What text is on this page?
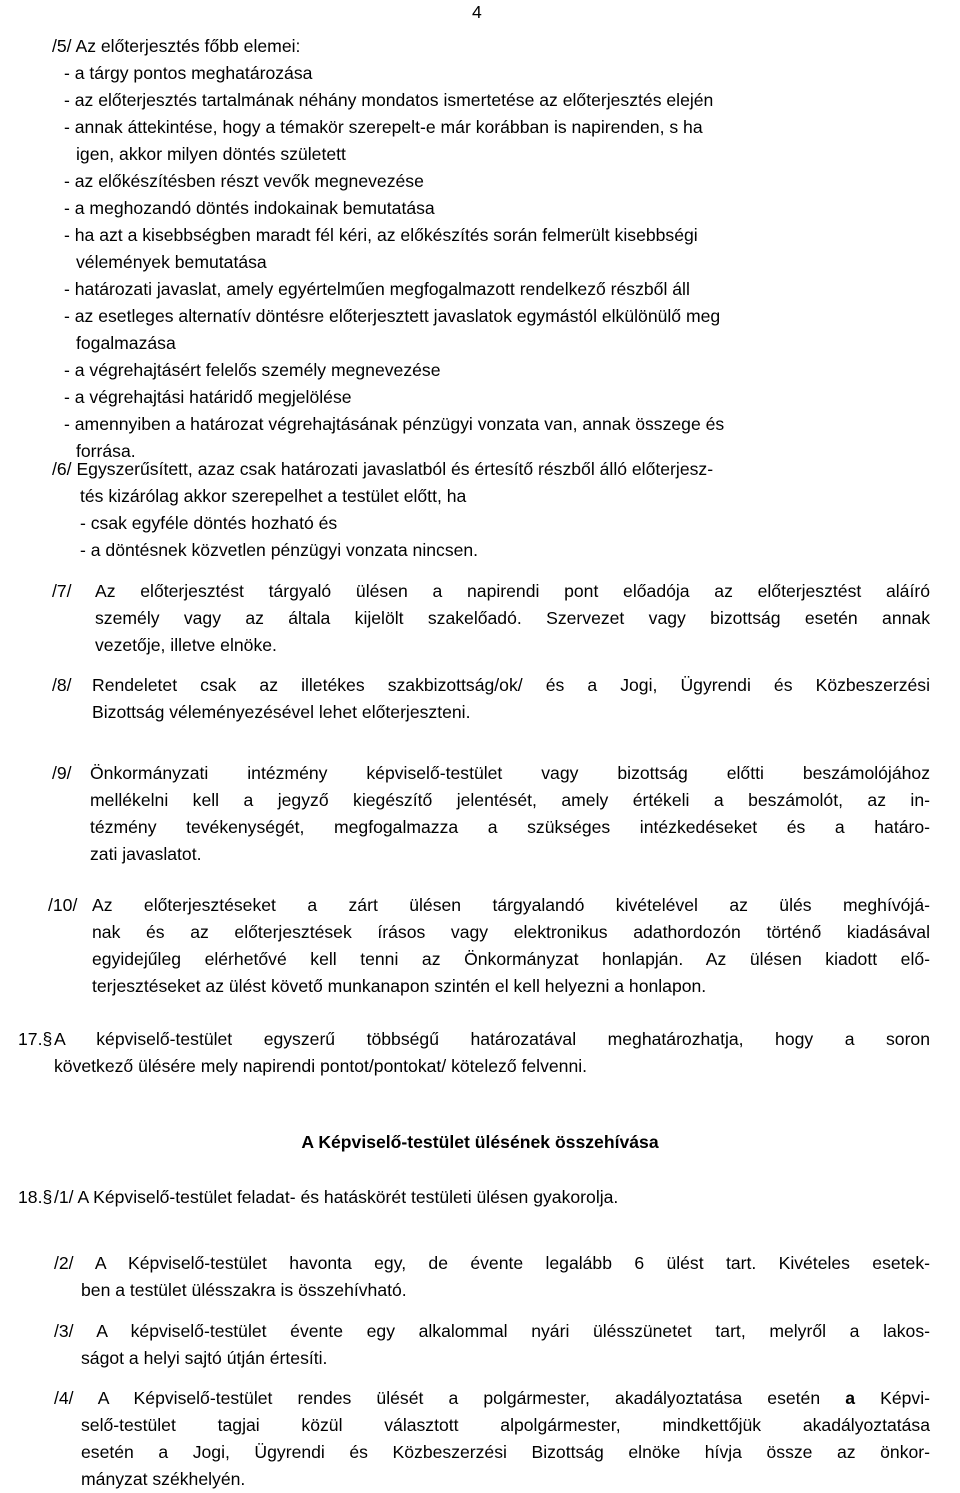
4
/5/ Az előterjesztés főbb elemei:
- a tárgy pontos meghatározása
- az előterjesztés tartalmának néhány mondatos ismertetése az előterjesztés elején
- annak áttekintése, hogy a témakör szerepelt-e már korábban is napirenden, s ha
igen, akkor milyen döntés született
- az előkészítésben részt vevők megnevezése
- a meghozandó döntés indokainak bemutatása
- ha azt a kisebbségben maradt fél kéri, az előkészítés során felmerült kisebbségi
vélemények bemutatása
- határozati javaslat, amely egyértelműen megfogalmazott rendelkező részből áll
- az esetleges alternatív döntésre előterjesztett javaslatok egymástól elkülönülő meg
fogalmazása
- a végrehajtásért felelős személy megnevezése
- a végrehajtási határidő megjelölése
- amennyiben a határozat végrehajtásának pénzügyi vonzata van, annak összege és
forrása.
/6/ Egyszerűsített, azaz csak határozati javaslatból és értesítő részből álló előterjesz-
tés kizárólag akkor szerepelhet a testület előtt, ha
- csak egyféle döntés hozható és
- a döntésnek közvetlen pénzügyi vonzata nincsen.
/7/ Az előterjesztést tárgyaló ülésen a napirendi pont előadója az előterjesztést aláíró
személy vagy az általa kijelölt szakelőadó. Szervezet vagy bizottság esetén annak
vezetője, illetve elnöke.
/8/ Rendeletet csak az illetékes szakbizottság/ok/ és a Jogi, Ügyrendi és Közbeszerzési
Bizottság véleményezésével lehet előterjeszteni.
/9/ Önkormányzati intézmény képviselő-testület vagy bizottság előtti beszámolójához
mellékelni kell a jegyző kiegészítő jelentését, amely értékeli a beszámolót, az in-
tézmény tevékenységét, megfogalmazza a szükséges intézkedéseket és a határo-
zati javaslatot.
/10/ Az előterjesztéseket a zárt ülésen tárgyalandó kivételével az ülés meghívójá-
nak és az előterjesztések írásos vagy elektronikus adathordozón történő kiadásával
egyidejűleg elérhetővé kell tenni az Önkormányzat honlapján. Az ülésen kiadott elő-
terjesztéseket az ülést követő munkanapon szintén el kell helyezni a honlapon.
17.§ A képviselő-testület egyszerű többségű határozatával meghatározhatja, hogy a soron
következő ülésére mely napirendi pontot/pontokat/ kötelező felvenni.
A Képviselő-testület ülésének összehívása
18.§ /1/ A Képviselő-testület feladat- és hatáskörét testületi ülésen gyakorolja.
/2/ A Képviselő-testület havonta egy, de évente legalább 6 ülést tart. Kivételes esetek-
ben a testület ülésszakra is összehívható.
/3/ A képviselő-testület évente egy alkalommal nyári ülésszünetet tart, melyről a lakos-
ságot a helyi sajtó útján értesíti.
/4/ A Képviselő-testület rendes ülését a polgármester, akadályoztatása esetén a Képvi-
selő-testület tagjai közül választott alpolgármester, mindkettőjük akadályoztatása
esetén a Jogi, Ügyrendi és Közbeszerzési Bizottság elnöke hívja össze az önkor-
mányzat székhelyén.
